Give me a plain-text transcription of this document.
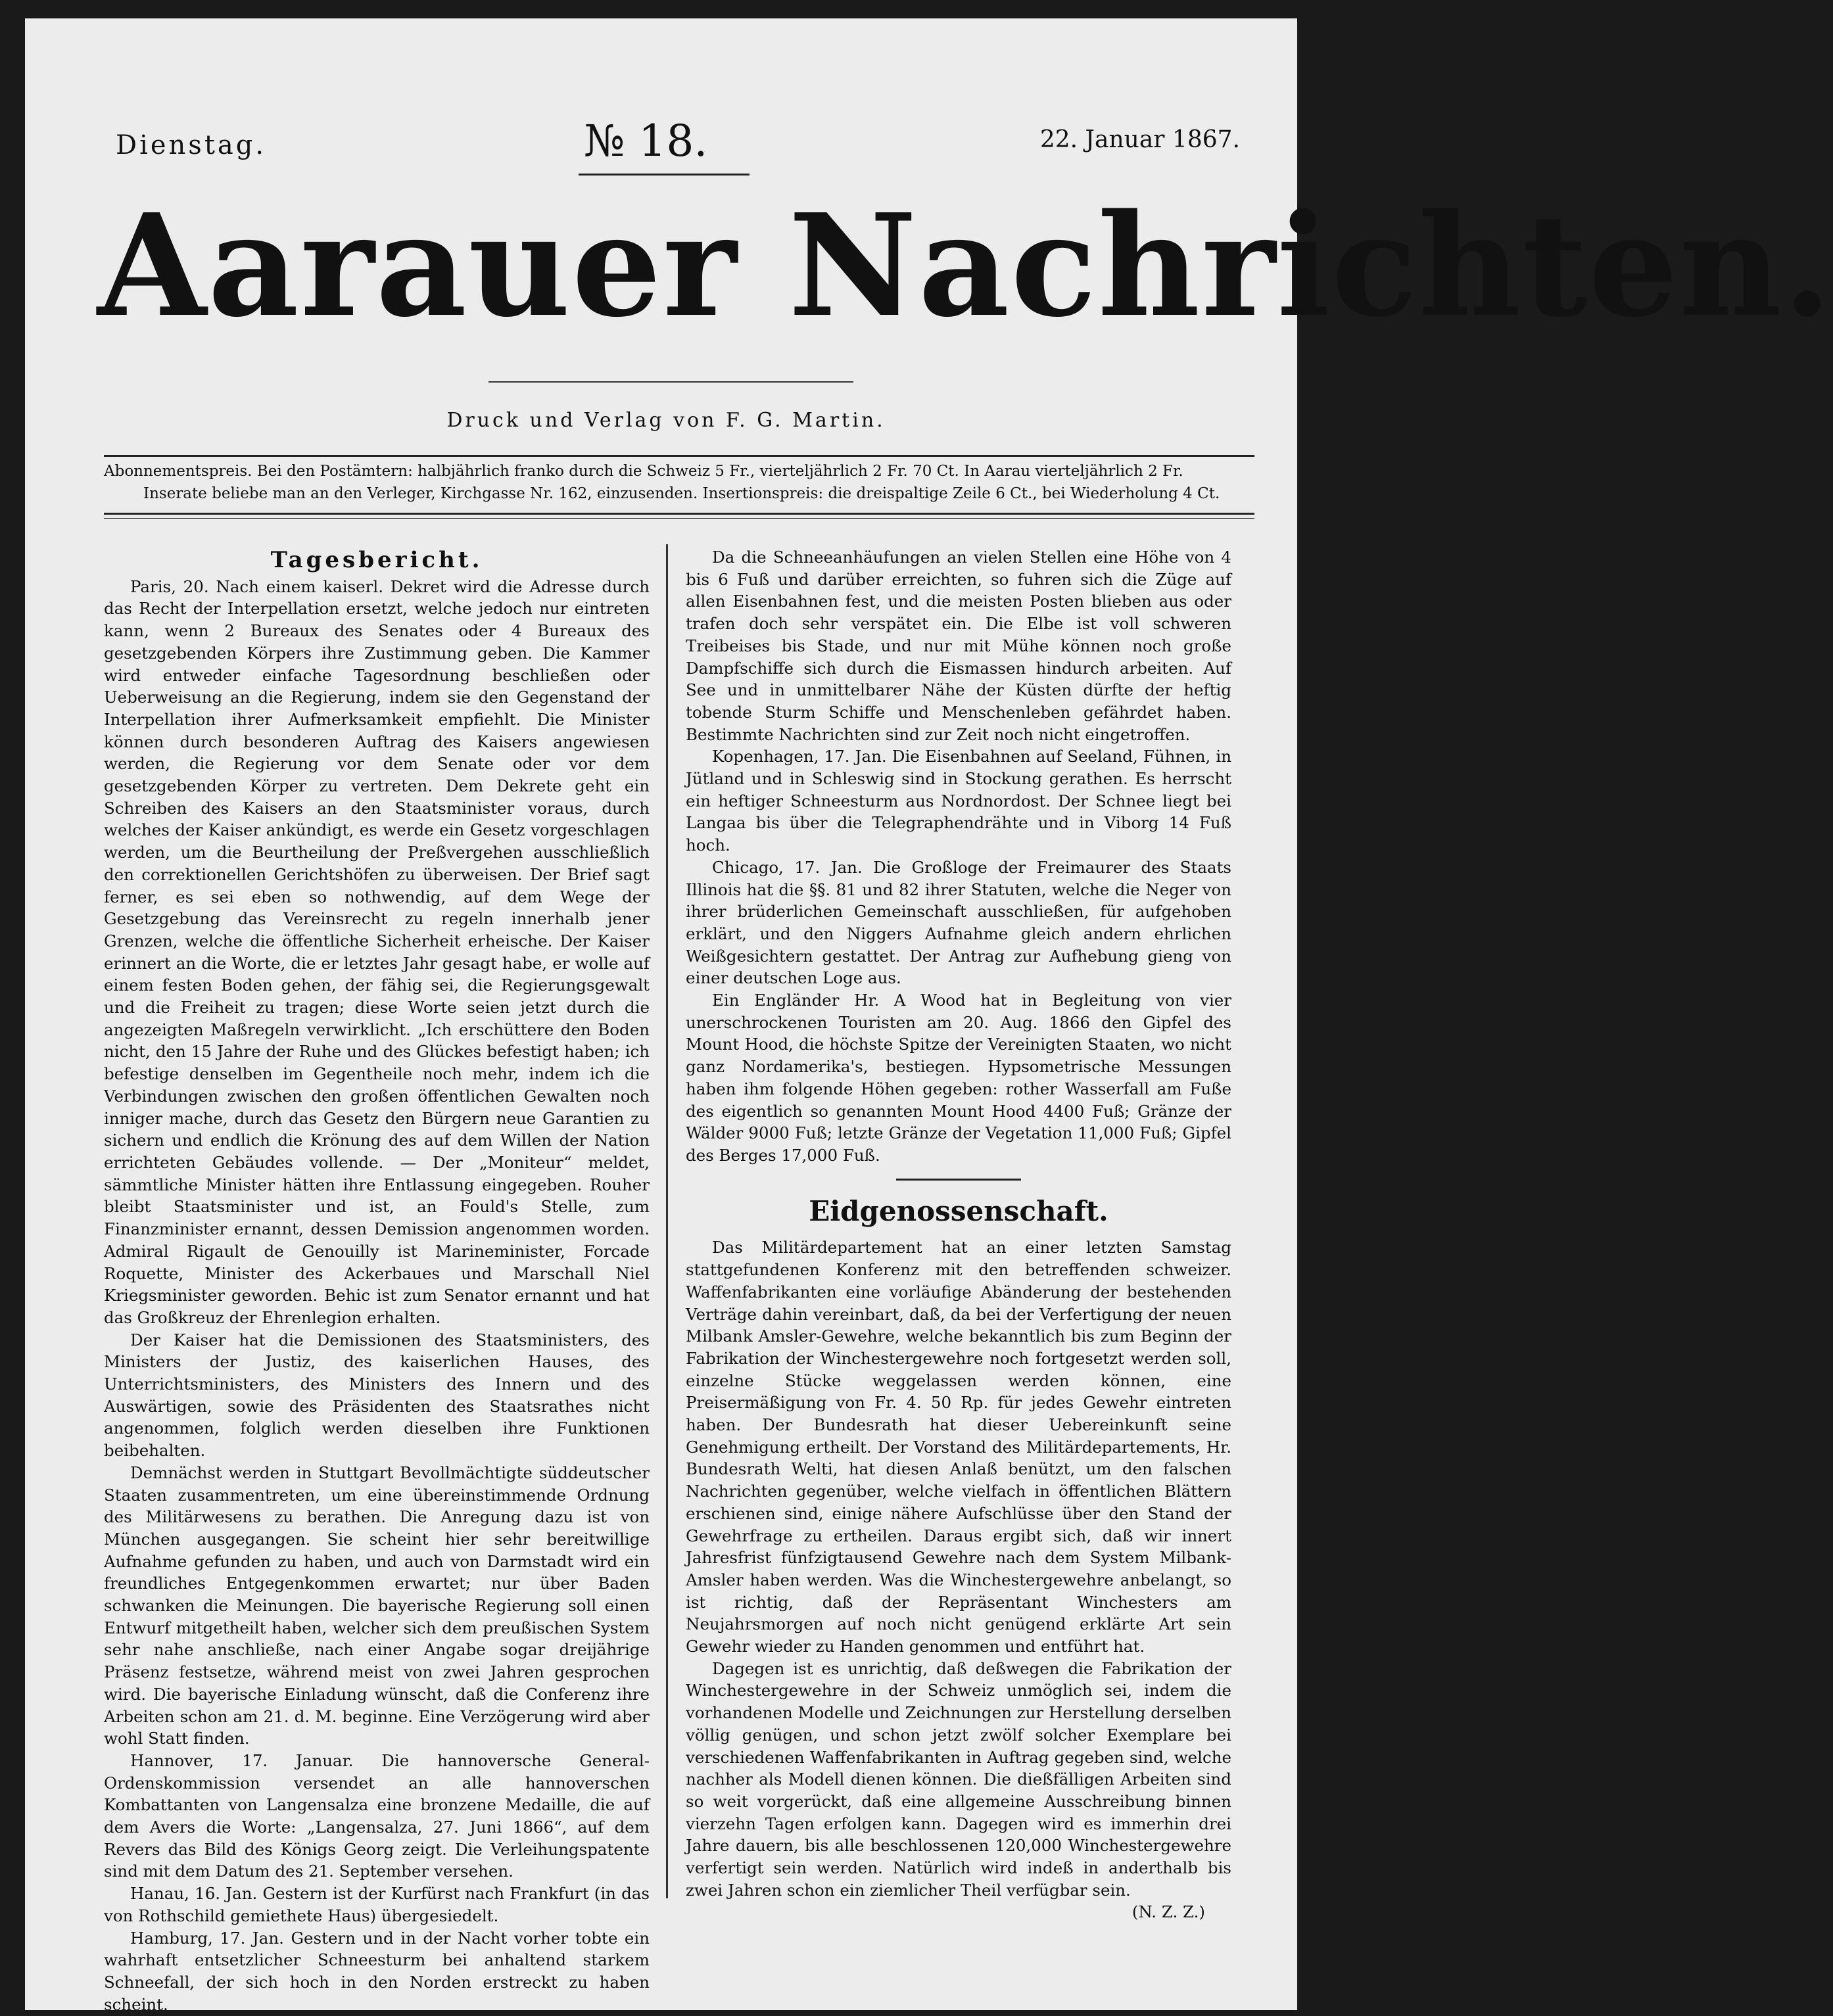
Dienstag.	№ 18.	22. Januar 1867.
Aarauer Nachrichten.
Druck und Verlag von F. G. Martin.
Abonnementspreis. Bei den Postämtern: halbjährlich franko durch die Schweiz 5 Fr., vierteljährlich 2 Fr. 70 Ct. In Aarau vierteljährlich 2 Fr.
Inserate beliebe man an den Verleger, Kirchgasse Nr. 162, einzusenden. Insertionspreis: die dreispaltige Zeile 6 Ct., bei Wiederholung 4 Ct.
Tagesbericht.

Paris, 20. Nach einem kaiserl. Dekret wird die Adresse durch das Recht der Interpellation ersetzt, welche jedoch nur eintreten kann, wenn 2 Bureaux des Senates oder 4 Bureaux des gesetzgebenden Körpers ihre Zustimmung geben. Die Kammer wird entweder einfache Tagesordnung beschließen oder Ueberweisung an die Regierung, indem sie den Gegenstand der Interpellation ihrer Aufmerksamkeit empfiehlt. Die Minister können durch besonderen Auftrag des Kaisers angewiesen werden, die Regierung vor dem Senate oder vor dem gesetzgebenden Körper zu vertreten. Dem Dekrete geht ein Schreiben des Kaisers an den Staatsminister voraus, durch welches der Kaiser ankündigt, es werde ein Gesetz vorgeschlagen werden, um die Beurtheilung der Preßvergehen ausschließlich den correktionellen Gerichtshöfen zu überweisen. Der Brief sagt ferner, es sei eben so nothwendig, auf dem Wege der Gesetzgebung das Vereinsrecht zu regeln innerhalb jener Grenzen, welche die öffentliche Sicherheit erheische. Der Kaiser erinnert an die Worte, die er letztes Jahr gesagt habe, er wolle auf einem festen Boden gehen, der fähig sei, die Regierungsgewalt und die Freiheit zu tragen; diese Worte seien jetzt durch die angezeigten Maßregeln verwirklicht. „Ich erschüttere den Boden nicht, den 15 Jahre der Ruhe und des Glückes befestigt haben; ich befestige denselben im Gegentheile noch mehr, indem ich die Verbindungen zwischen den großen öffentlichen Gewalten noch inniger mache, durch das Gesetz den Bürgern neue Garantien zu sichern und endlich die Krönung des auf dem Willen der Nation errichteten Gebäudes vollende. — Der „Moniteur“ meldet, sämmtliche Minister hätten ihre Entlassung eingegeben. Rouher bleibt Staatsminister und ist, an Fould's Stelle, zum Finanzminister ernannt, dessen Demission angenommen worden. Admiral Rigault de Genouilly ist Marineminister, Forcade Roquette, Minister des Ackerbaues und Marschall Niel Kriegsminister geworden. Behic ist zum Senator ernannt und hat das Großkreuz der Ehrenlegion erhalten.

Der Kaiser hat die Demissionen des Staatsministers, des Ministers der Justiz, des kaiserlichen Hauses, des Unterrichtsministers, des Ministers des Innern und des Auswärtigen, sowie des Präsidenten des Staatsrathes nicht angenommen, folglich werden dieselben ihre Funktionen beibehalten.

Demnächst werden in Stuttgart Bevollmächtigte süddeutscher Staaten zusammentreten, um eine übereinstimmende Ordnung des Militärwesens zu berathen. Die Anregung dazu ist von München ausgegangen. Sie scheint hier sehr bereitwillige Aufnahme gefunden zu haben, und auch von Darmstadt wird ein freundliches Entgegenkommen erwartet; nur über Baden schwanken die Meinungen. Die bayerische Regierung soll einen Entwurf mitgetheilt haben, welcher sich dem preußischen System sehr nahe anschließe, nach einer Angabe sogar dreijährige Präsenz festsetze, während meist von zwei Jahren gesprochen wird. Die bayerische Einladung wünscht, daß die Conferenz ihre Arbeiten schon am 21. d. M. beginne. Eine Verzögerung wird aber wohl Statt finden.

Hannover, 17. Januar. Die hannoversche General-Ordenskommission versendet an alle hannoverschen Kombattanten von Langensalza eine bronzene Medaille, die auf dem Avers die Worte: „Langensalza, 27. Juni 1866“, auf dem Revers das Bild des Königs Georg zeigt. Die Verleihungspatente sind mit dem Datum des 21. September versehen.

Hanau, 16. Jan. Gestern ist der Kurfürst nach Frankfurt (in das von Rothschild gemiethete Haus) übergesiedelt.

Hamburg, 17. Jan. Gestern und in der Nacht vorher tobte ein wahrhaft entsetzlicher Schneesturm bei anhaltend starkem Schneefall, der sich hoch in den Norden erstreckt zu haben scheint.

Da die Schneeanhäufungen an vielen Stellen eine Höhe von 4 bis 6 Fuß und darüber erreichten, so fuhren sich die Züge auf allen Eisenbahnen fest, und die meisten Posten blieben aus oder trafen doch sehr verspätet ein. Die Elbe ist voll schweren Treibeises bis Stade, und nur mit Mühe können noch große Dampfschiffe sich durch die Eismassen hindurch arbeiten. Auf See und in unmittelbarer Nähe der Küsten dürfte der heftig tobende Sturm Schiffe und Menschenleben gefährdet haben. Bestimmte Nachrichten sind zur Zeit noch nicht eingetroffen.

Kopenhagen, 17. Jan. Die Eisenbahnen auf Seeland, Fühnen, in Jütland und in Schleswig sind in Stockung gerathen. Es herrscht ein heftiger Schneesturm aus Nordnordost. Der Schnee liegt bei Langaa bis über die Telegraphendrähte und in Viborg 14 Fuß hoch.

Chicago, 17. Jan. Die Großloge der Freimaurer des Staats Illinois hat die §§. 81 und 82 ihrer Statuten, welche die Neger von ihrer brüderlichen Gemeinschaft ausschließen, für aufgehoben erklärt, und den Niggers Aufnahme gleich andern ehrlichen Weißgesichtern gestattet. Der Antrag zur Aufhebung gieng von einer deutschen Loge aus.

Ein Engländer Hr. A Wood hat in Begleitung von vier unerschrockenen Touristen am 20. Aug. 1866 den Gipfel des Mount Hood, die höchste Spitze der Vereinigten Staaten, wo nicht ganz Nordamerika's, bestiegen. Hypsometrische Messungen haben ihm folgende Höhen gegeben: rother Wasserfall am Fuße des eigentlich so genannten Mount Hood 4400 Fuß; Gränze der Wälder 9000 Fuß; letzte Gränze der Vegetation 11,000 Fuß; Gipfel des Berges 17,000 Fuß.

Eidgenossenschaft.

Das Militärdepartement hat an einer letzten Samstag stattgefundenen Konferenz mit den betreffenden schweizer. Waffenfabrikanten eine vorläufige Abänderung der bestehenden Verträge dahin vereinbart, daß, da bei der Verfertigung der neuen Milbank Amsler-Gewehre, welche bekanntlich bis zum Beginn der Fabrikation der Winchestergewehre noch fortgesetzt werden soll, einzelne Stücke weggelassen werden können, eine Preisermäßigung von Fr. 4. 50 Rp. für jedes Gewehr eintreten haben. Der Bundesrath hat dieser Uebereinkunft seine Genehmigung ertheilt. Der Vorstand des Militärdepartements, Hr. Bundesrath Welti, hat diesen Anlaß benützt, um den falschen Nachrichten gegenüber, welche vielfach in öffentlichen Blättern erschienen sind, einige nähere Aufschlüsse über den Stand der Gewehrfrage zu ertheilen. Daraus ergibt sich, daß wir innert Jahresfrist fünfzigtausend Gewehre nach dem System Milbank-Amsler haben werden. Was die Winchestergewehre anbelangt, so ist richtig, daß der Repräsentant Winchesters am Neujahrsmorgen auf noch nicht genügend erklärte Art sein Gewehr wieder zu Handen genommen und entführt hat.

Dagegen ist es unrichtig, daß deßwegen die Fabrikation der Winchestergewehre in der Schweiz unmöglich sei, indem die vorhandenen Modelle und Zeichnungen zur Herstellung derselben völlig genügen, und schon jetzt zwölf solcher Exemplare bei verschiedenen Waffenfabrikanten in Auftrag gegeben sind, welche nachher als Modell dienen können. Die dießfälligen Arbeiten sind so weit vorgerückt, daß eine allgemeine Ausschreibung binnen vierzehn Tagen erfolgen kann. Dagegen wird es immerhin drei Jahre dauern, bis alle beschlossenen 120,000 Winchestergewehre verfertigt sein werden. Natürlich wird indeß in anderthalb bis zwei Jahren schon ein ziemlicher Theil verfügbar sein.

(N. Z. Z.)
